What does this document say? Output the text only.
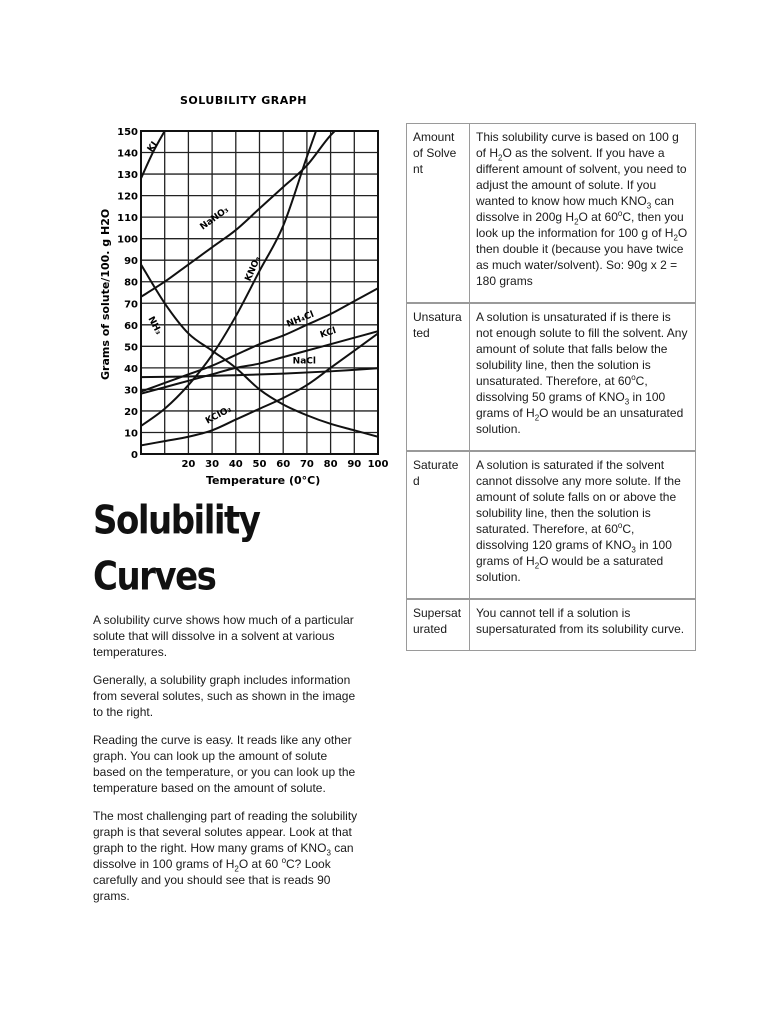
SOLUBILITY GRAPH
KI
NaNO₃
KNO₃
NH₃	NH₄Cl
KCl
NaCl
KClO₃
20 30 40 50 60 70 80 90 100
0
10
20
30
40
50
60
70
80
90
100
110
120
130
140
150
Temperature (0°C)
Grams of solute/100. g H2O
Solubility
Curves

A solubility curve shows how much of a particular solute that will dissolve in a solvent at various temperatures.

Generally, a solubility graph includes information from several solutes, such as shown in the image to the right.

Reading the curve is easy. It reads like any other graph. You can look up the amount of solute based on the temperature, or you can look up the temperature based on the amount of solute.

The most challenging part of reading the solubility graph is that several solutes appear. Look at that graph to the right. How many grams of $KNO_3$ can dissolve in 100 grams of $H_2O$ at 60 $^o$C? Look carefully and you should see that is reads 90 grams.

Amount of Solvent	This solubility curve is based on 100 g of $H_2O$ as the solvent. If you have a different amount of solvent, you need to adjust the amount of solute. If you wanted to know how much $KNO_3$ can dissolve in 200g $H_2O$ at 60$^o$C, then you look up the information for 100 g of $H_2O$ then double it (because you have twice as much water/solvent). So: 90g x 2 = 180 grams
Unsaturated	A solution is unsaturated if is there is not enough solute to fill the solvent. Any amount of solute that falls below the solubility line, then the solution is unsaturated. Therefore, at 60$^o$C, dissolving 50 grams of $KNO_3$ in 100 grams of $H_2O$ would be an unsaturated solution.
Saturated	A solution is saturated if the solvent cannot dissolve any more solute. If the amount of solute falls on or above the solubility line, then the solution is saturated. Therefore, at 60$^o$C, dissolving 120 grams of $KNO_3$ in 100 grams of $H_2O$ would be a saturated solution.
Supersaturated	You cannot tell if a solution is supersaturated from its solubility curve.
